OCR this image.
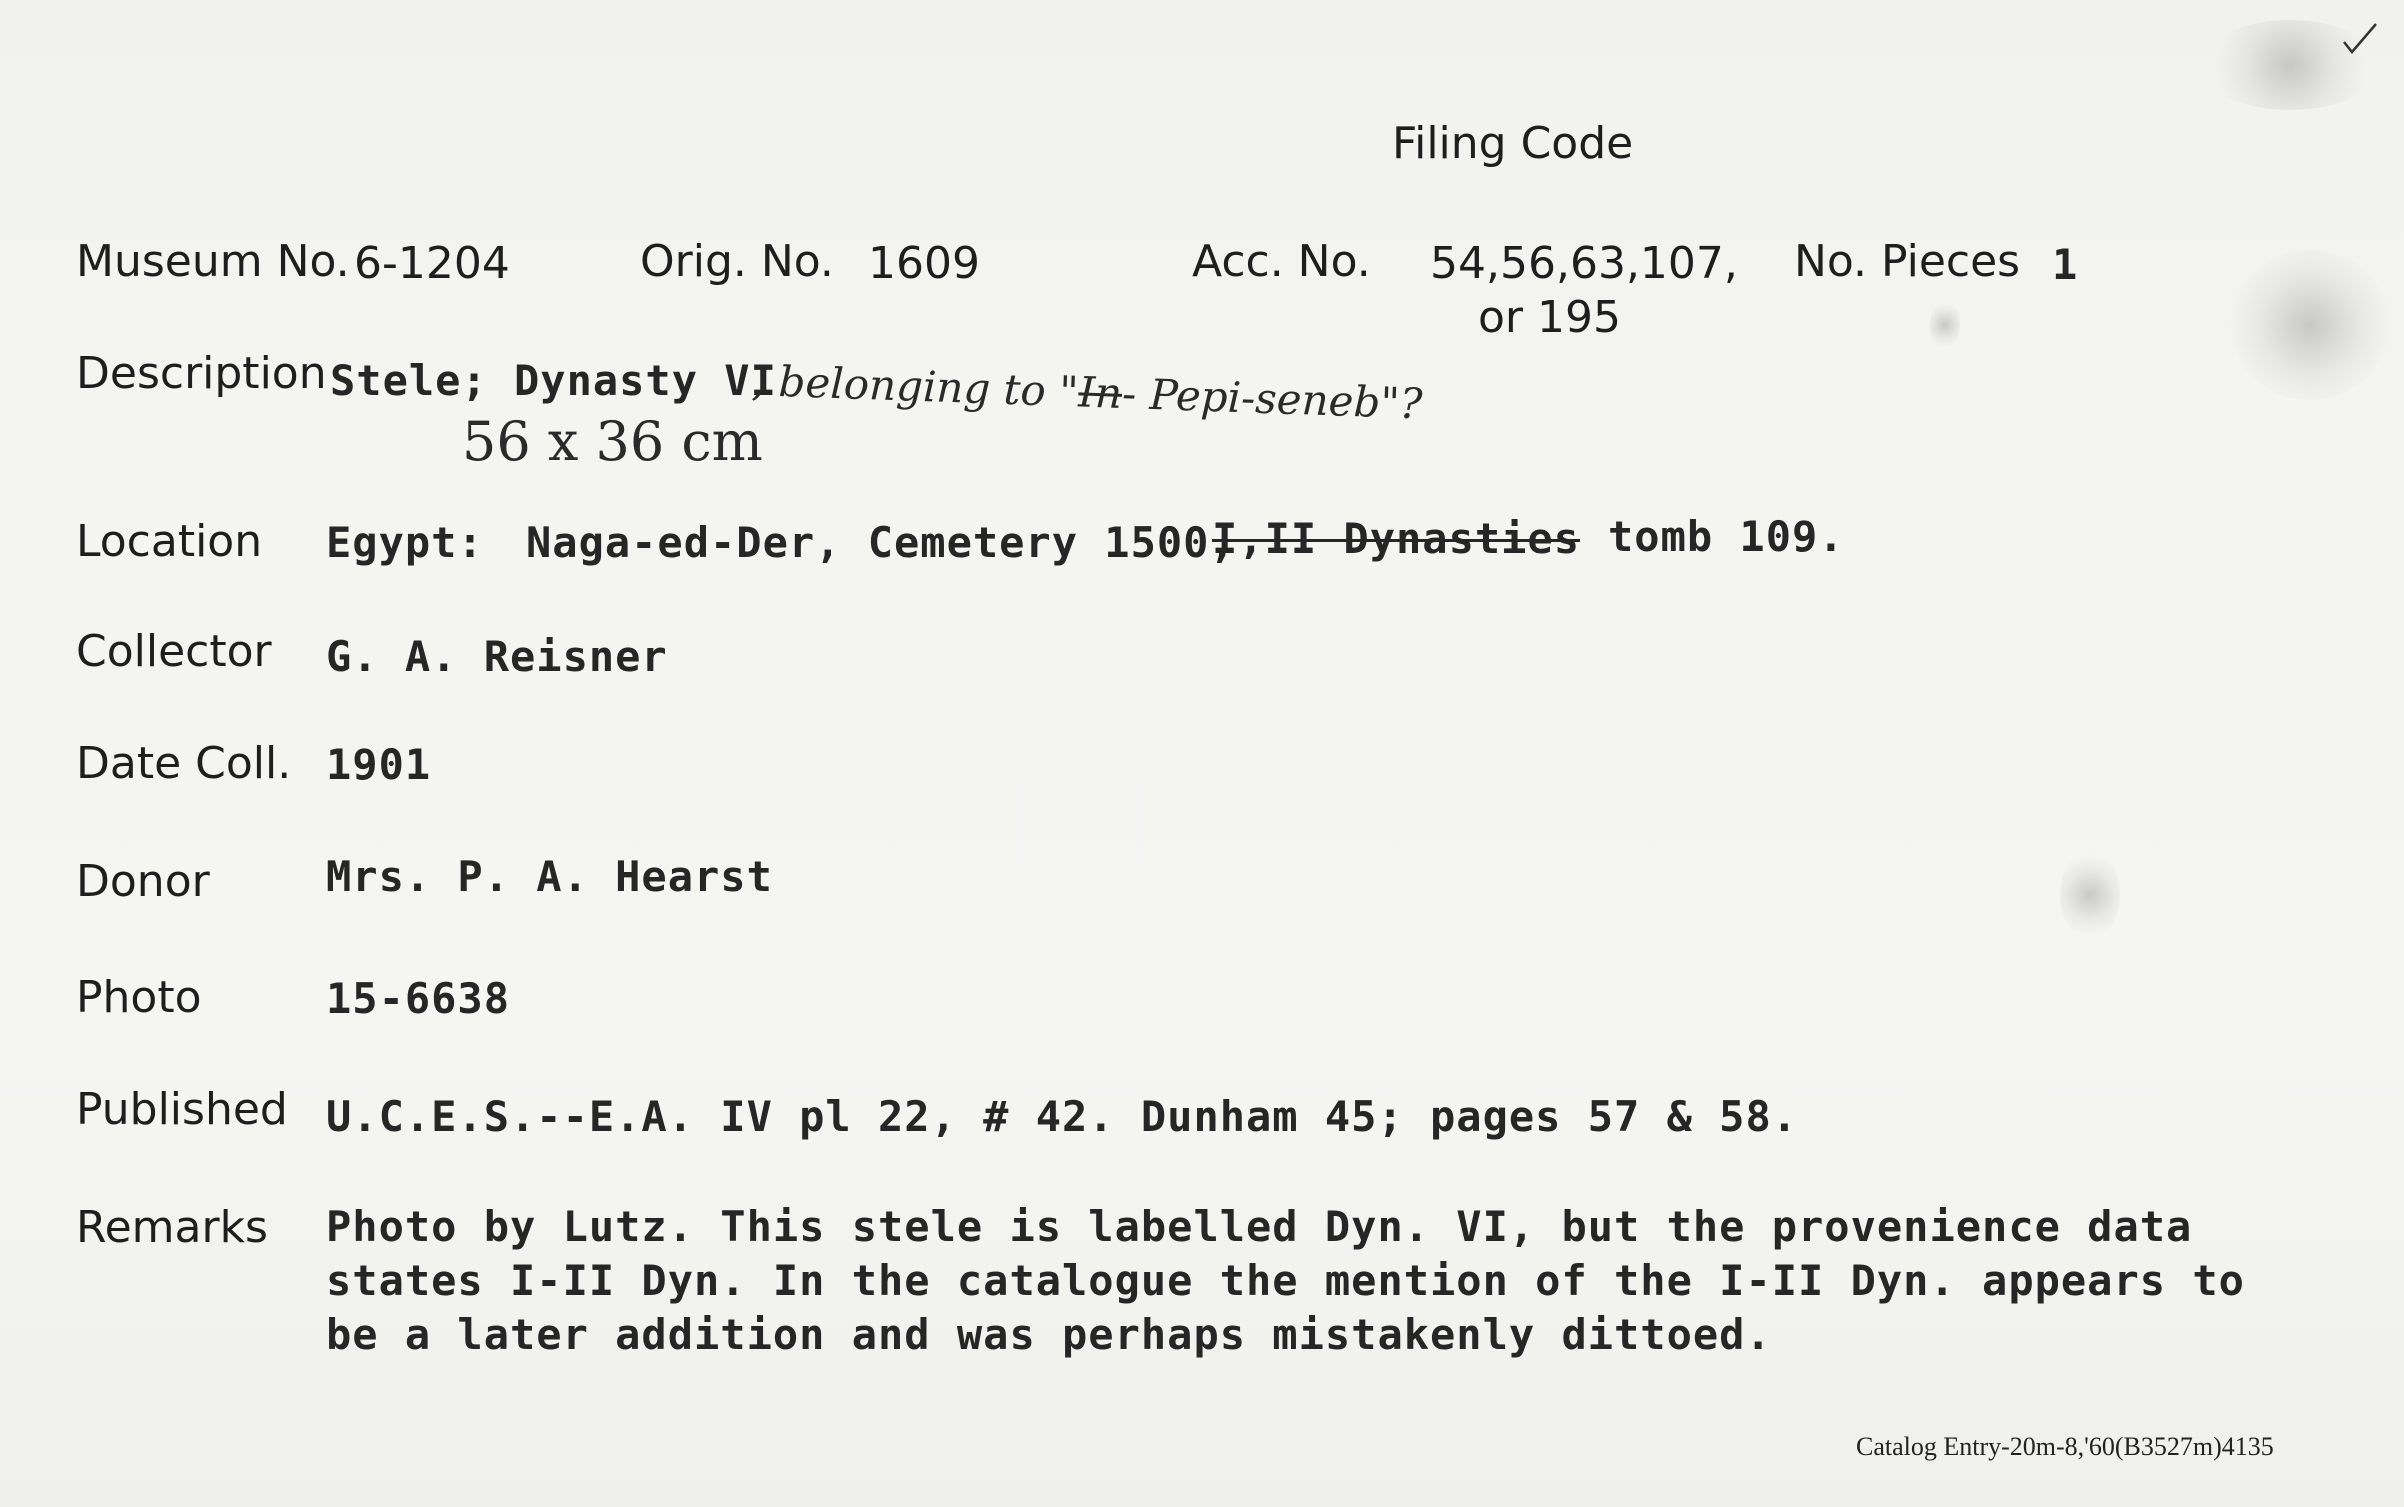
Filing Code
Museum No. 6-1204	Orig. No. 1609	Acc. No. 54,56,63,107,
or 195
No. Pieces 1
Description Stele; Dynasty VI
, belonging to "In- Pepi-seneb"?
56 x 36 cm
Location Egypt: Naga-ed-Der, Cemetery 1500,
I,II Dynasties tomb 109.
Collector G. A. Reisner
Date Coll. 1901
Donor	Mrs. P. A. Hearst
Photo	15-6638
Published U.C.E.S.--E.A. IV pl 22, # 42. Dunham 45; pages 57 & 58.
Remarks Photo by Lutz. This stele is labelled Dyn. VI, but the provenience data
states I-II Dyn. In the catalogue the mention of the I-II Dyn. appears to
be a later addition and was perhaps mistakenly dittoed.
Catalog Entry-20m-8,'60(B3527m)4135
